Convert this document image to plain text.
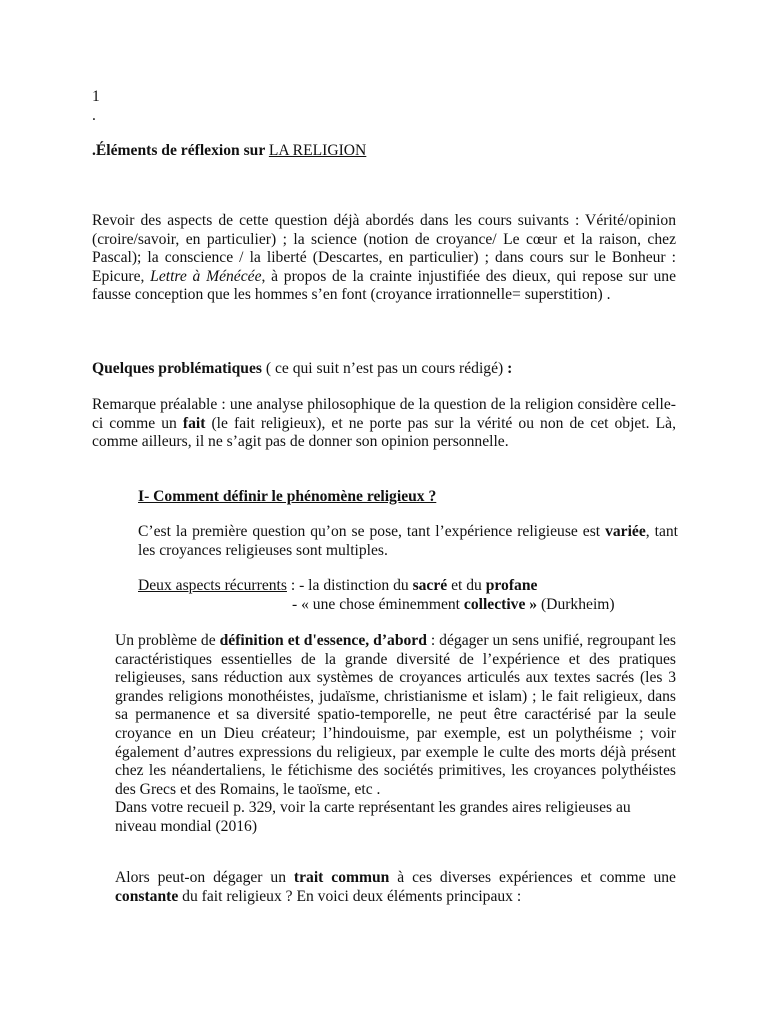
1
.
.Éléments de réflexion sur LA RELIGION

Revoir des aspects de cette question déjà abordés dans les cours suivants : Vérité/opinion (croire/savoir, en particulier) ; la science (notion de croyance/ Le cœur et la raison, chez Pascal); la conscience / la liberté (Descartes, en particulier) ; dans cours sur le Bonheur : Epicure, Lettre à Ménécée, à propos de la crainte injustifiée des dieux, qui repose sur une fausse conception que les hommes s’en font (croyance irrationnelle= superstition) .

Quelques problématiques ( ce qui suit n’est pas un cours rédigé) :

Remarque préalable : une analyse philosophique de la question de la religion considère celle-ci comme un fait (le fait religieux), et ne porte pas sur la vérité ou non de cet objet. Là, comme ailleurs, il ne s’agit pas de donner son opinion personnelle.

I- Comment définir le phénomène religieux ?

C’est la première question qu’on se pose, tant l’expérience religieuse est variée, tant les croyances religieuses sont multiples.

Deux aspects récurrents : - la distinction du sacré et du profane

- « une chose éminemment collective » (Durkheim)

Un problème de définition et d'essence, d’abord : dégager un sens unifié, regroupant les caractéristiques essentielles de la grande diversité de l’expérience et des pratiques religieuses, sans réduction aux systèmes de croyances articulés aux textes sacrés (les 3 grandes religions monothéistes, judaïsme, christianisme et islam) ; le fait religieux, dans sa permanence et sa diversité spatio-temporelle, ne peut être caractérisé par la seule croyance en un Dieu créateur; l’hindouisme, par exemple, est un polythéisme ; voir également d’autres expressions du religieux, par exemple le culte des morts déjà présent chez les néandertaliens, le fétichisme des sociétés primitives, les croyances polythéistes des Grecs et des Romains, le taoïsme, etc .
Dans votre recueil p. 329, voir la carte représentant les grandes aires religieuses au niveau mondial (2016)

Alors peut-on dégager un trait commun à ces diverses expériences et comme une constante du fait religieux ? En voici deux éléments principaux :
